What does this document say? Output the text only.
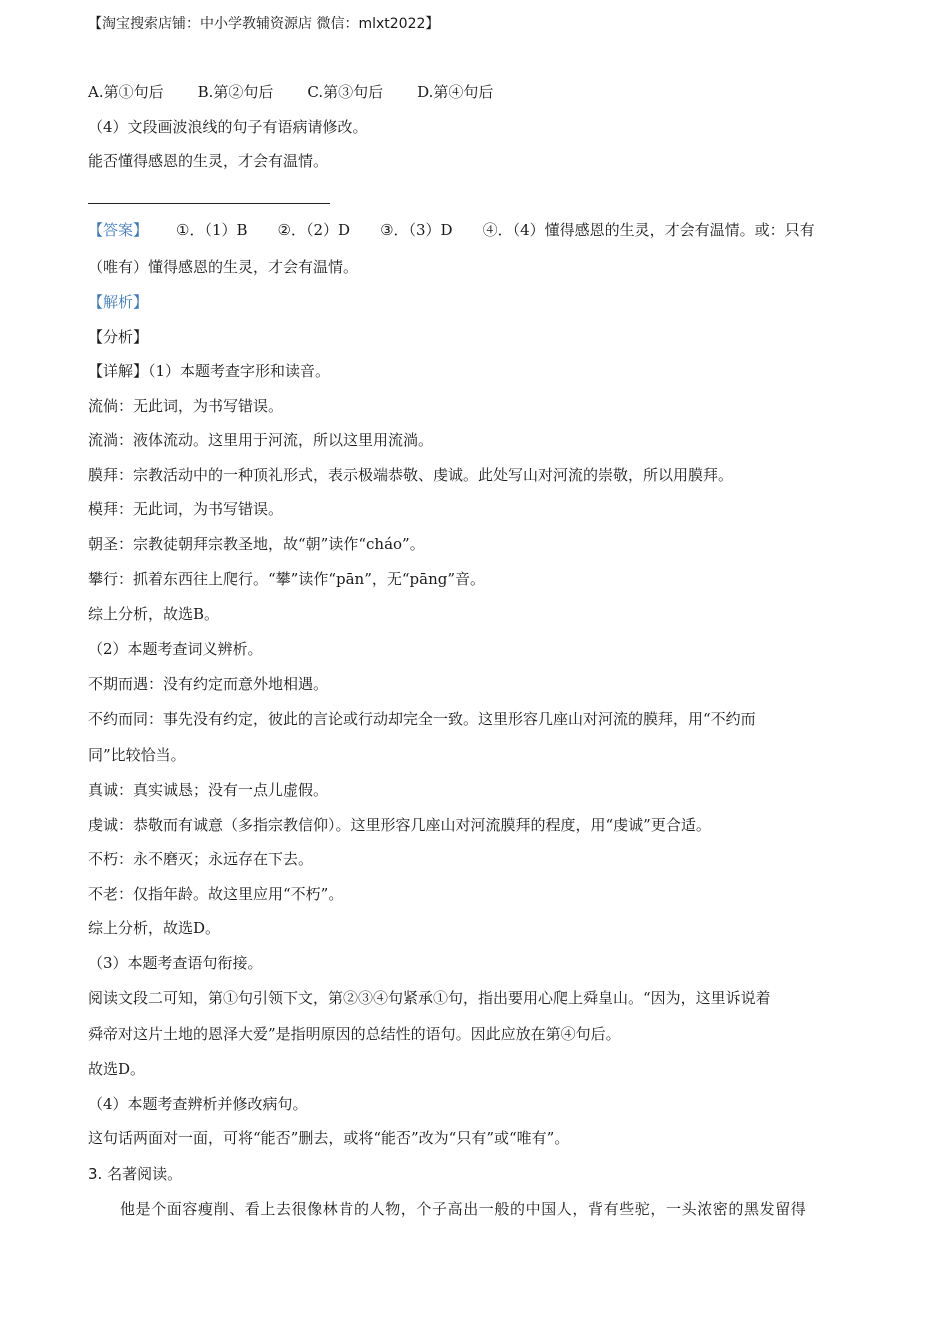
【淘宝搜索店铺：中小学教辅资源店 微信：mlxt2022】
A.第①句后 B.第②句后 C.第③句后 D.第④句后
（4）文段画波浪线的句子有语病请修改。
能否懂得感恩的生灵，才会有温情。
【答案】 ①．（1）B ②．（2）D ③．（3）D ④．（4）懂得感恩的生灵，才会有温情。或：只有
（唯有）懂得感恩的生灵，才会有温情。
【解析】
【分析】
【详解】（1）本题考查字形和读音。
流倘：无此词，为书写错误。
流淌：液体流动。这里用于河流，所以这里用流淌。
膜拜：宗教活动中的一种顶礼形式，表示极端恭敬、虔诚。此处写山对河流的崇敬，所以用膜拜。
模拜：无此词，为书写错误。
朝圣：宗教徒朝拜宗教圣地，故“朝”读作“cháo”。
攀行：抓着东西往上爬行。“攀”读作“pān”，无“pāng”音。
综上分析，故选B。
（2）本题考查词义辨析。
不期而遇：没有约定而意外地相遇。
不约而同：事先没有约定，彼此的言论或行动却完全一致。这里形容几座山对河流的膜拜，用“不约而
同”比较恰当。
真诚：真实诚恳；没有一点儿虚假。
虔诚：恭敬而有诚意（多指宗教信仰）。这里形容几座山对河流膜拜的程度，用“虔诚”更合适。
不朽：永不磨灭；永远存在下去。
不老：仅指年龄。故这里应用“不朽”。
综上分析，故选D。
（3）本题考查语句衔接。
阅读文段二可知，第①句引领下文，第②③④句紧承①句，指出要用心爬上舜皇山。“因为，这里诉说着
舜帝对这片土地的恩泽大爱”是指明原因的总结性的语句。因此应放在第④句后。
故选D。
（4）本题考查辨析并修改病句。
这句话两面对一面，可将“能否”删去，或将“能否”改为“只有”或“唯有”。
3. 名著阅读。
他是个面容瘦削、看上去很像林肯的人物，个子高出一般的中国人，背有些驼，一头浓密的黑发留得
